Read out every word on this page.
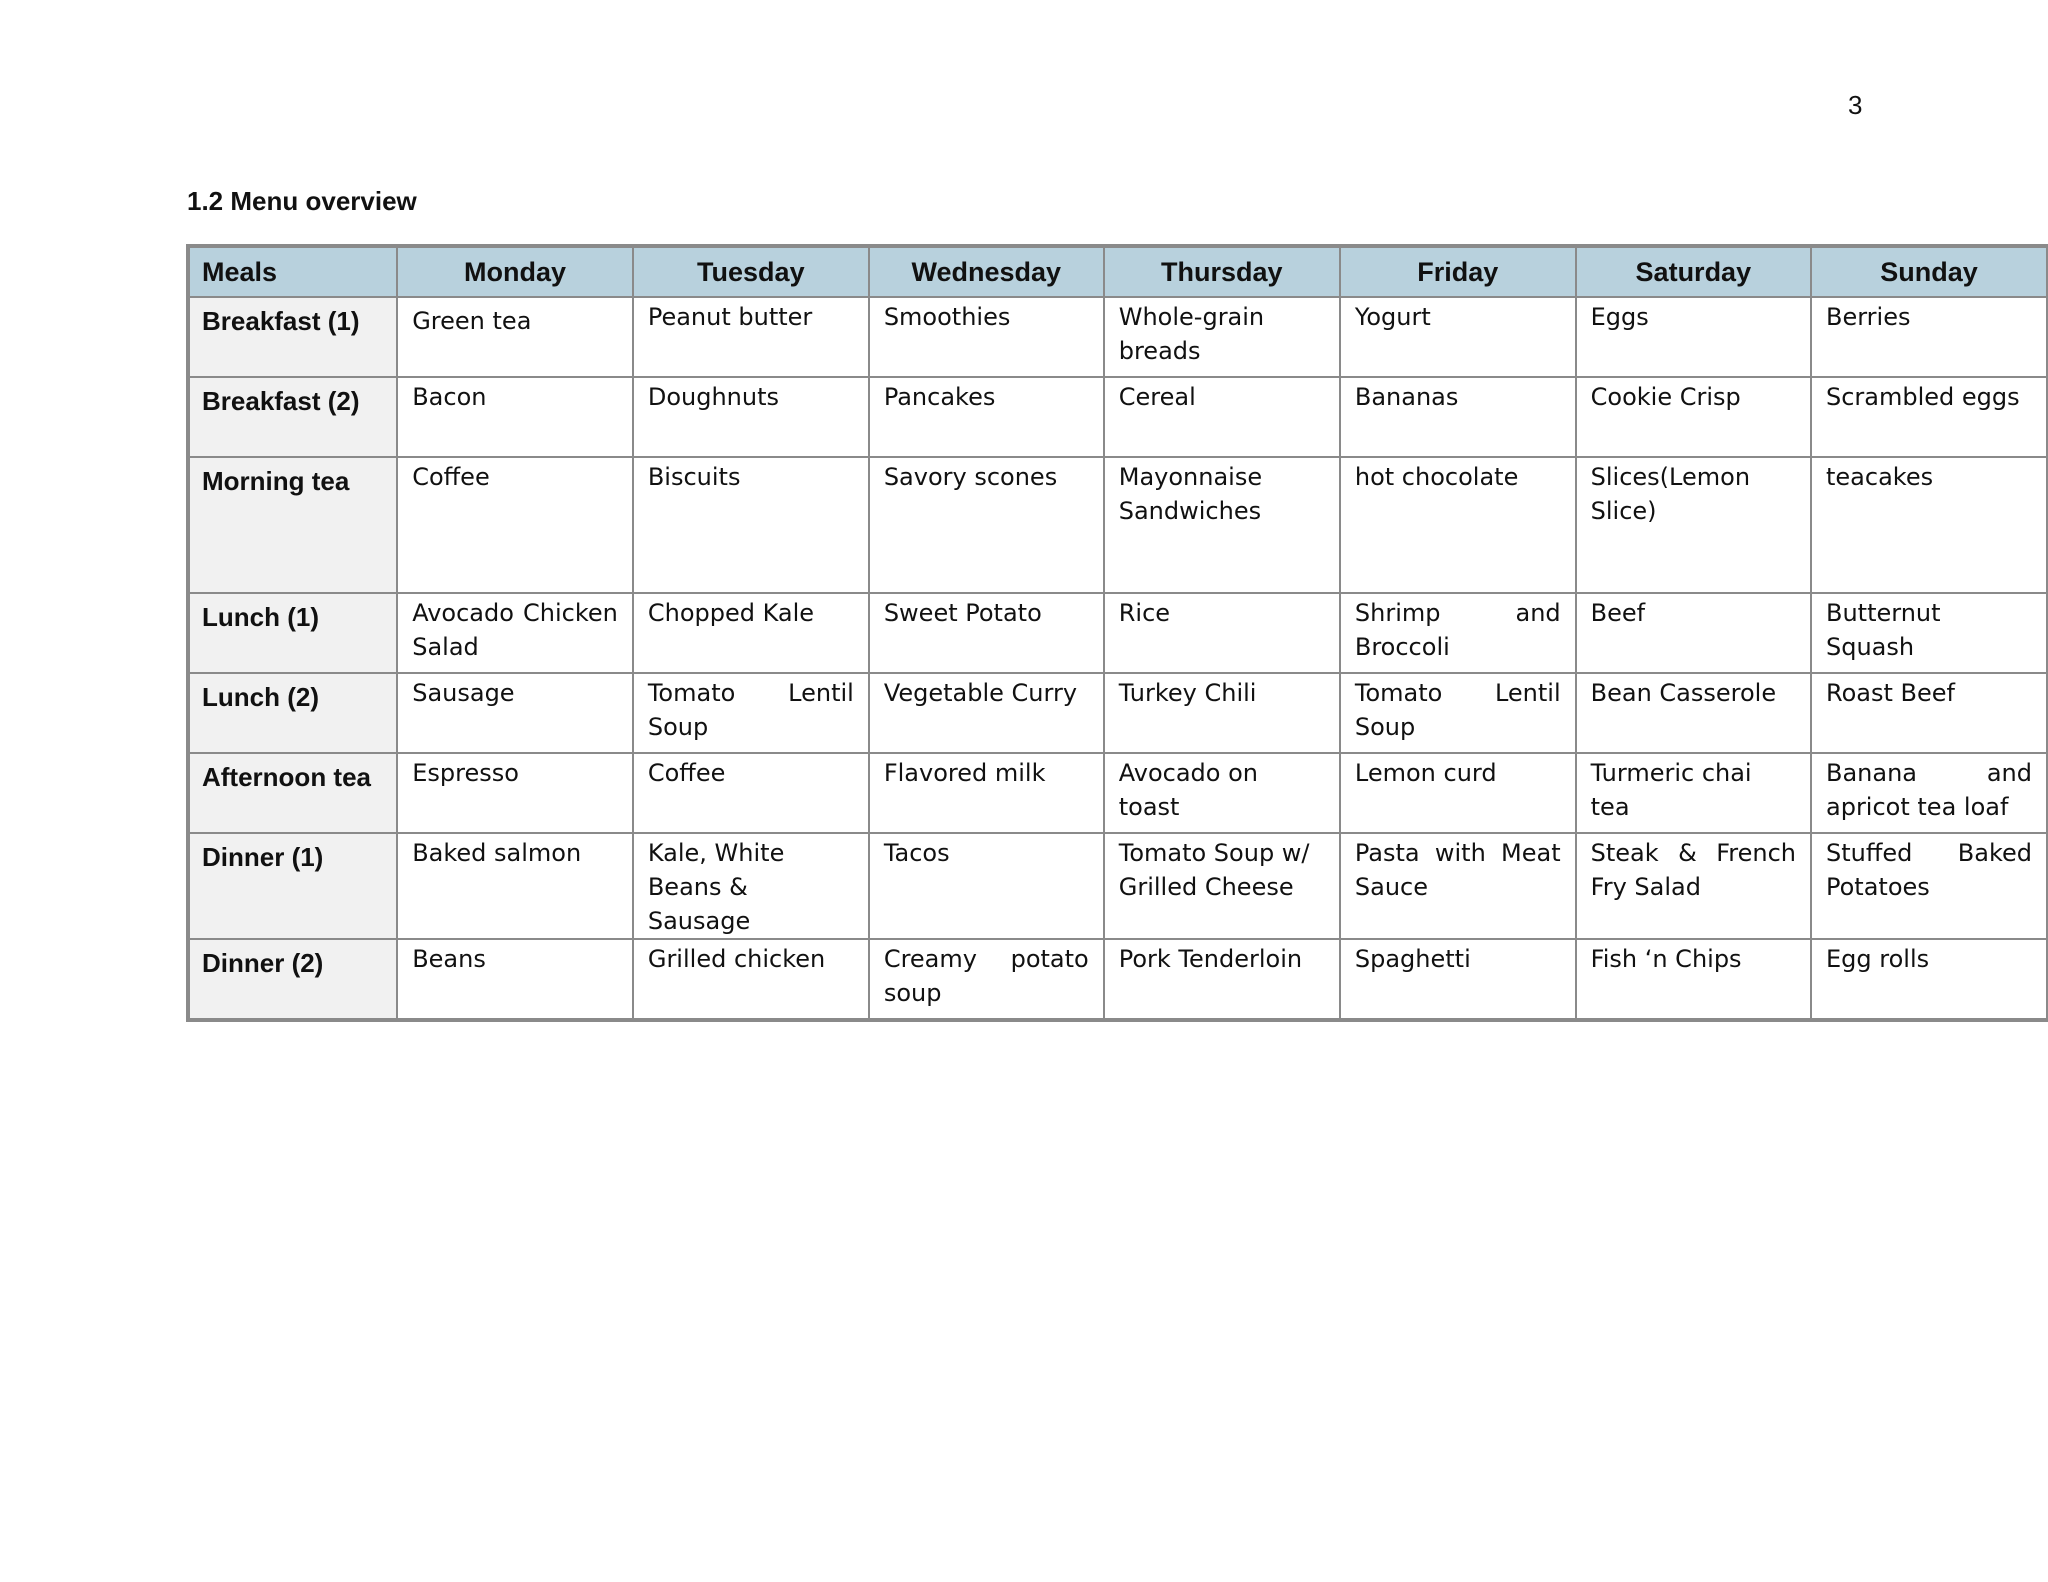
3
1.2 Menu overview
Meals	Monday	Tuesday	Wednesday	Thursday	Friday	Saturday	Sunday
Breakfast (1)	Green tea	Peanut butter	Smoothies	Whole-grain breads	Yogurt	Eggs	Berries
Breakfast (2)	Bacon	Doughnuts	Pancakes	Cereal	Bananas	Cookie Crisp	Scrambled eggs
Morning tea	Coffee	Biscuits	Savory scones	Mayonnaise Sandwiches	hot chocolate	Slices(Lemon Slice)	teacakes
Lunch (1)	Avocado Chicken Salad	Chopped Kale	Sweet Potato	Rice	Shrimp and Broccoli	Beef	Butternut Squash
Lunch (2)	Sausage	Tomato Lentil Soup	Vegetable Curry	Turkey Chili	Tomato Lentil Soup	Bean Casserole	Roast Beef
Afternoon tea	Espresso	Coffee	Flavored milk	Avocado on toast	Lemon curd	Turmeric chai tea	Banana and apricot tea loaf
Dinner (1)	Baked salmon	Kale, White Beans & Sausage	Tacos	Tomato Soup w/ Grilled Cheese	Pasta with Meat Sauce	Steak & French Fry Salad	Stuffed Baked Potatoes
Dinner (2)	Beans	Grilled chicken	Creamy potato soup	Pork Tenderloin	Spaghetti	Fish ‘n Chips	Egg rolls
